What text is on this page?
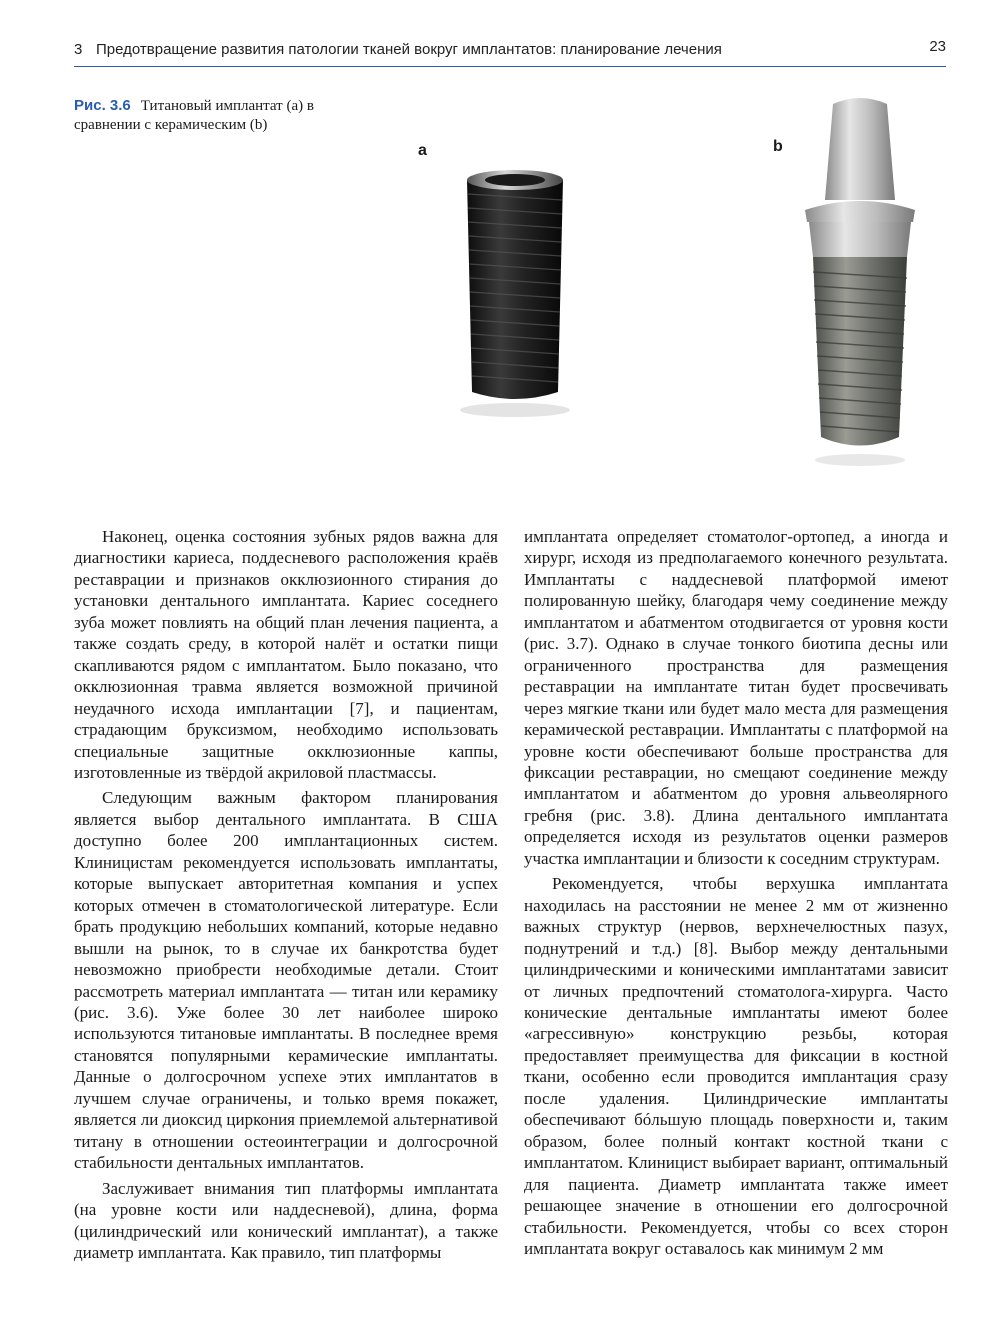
3 Предотвращение развития патологии тканей вокруг имплантатов: планирование лечения	23
Рис. 3.6 Титановый имплантат (а) в сравнении с керамическим (b)
a	b

Наконец, оценка состояния зубных рядов важна для диагностики кариеса, поддесневого расположения краёв реставрации и признаков окклюзионного стирания до установки дентального имплантата. Кариес соседнего зуба может повлиять на общий план лечения пациента, а также создать среду, в которой налёт и остатки пищи скапливаются рядом с имплантатом. Было показано, что окклюзионная травма является возможной причиной неудачного исхода имплантации [7], и пациентам, страдающим бруксизмом, необходимо использовать специальные защитные окклюзионные каппы, изготовленные из твёрдой акриловой пластмассы.

Следующим важным фактором планирования является выбор дентального имплантата. В США доступно более 200 имплантационных систем. Клиницистам рекомендуется использовать имплантаты, которые выпускает авторитетная компания и успех которых отмечен в стоматологической литературе. Если брать продукцию небольших компаний, которые недавно вышли на рынок, то в случае их банкротства будет невозможно приобрести необходимые детали. Стоит рассмотреть материал имплантата — титан или керамику (рис. 3.6). Уже более 30 лет наиболее широко используются титановые имплантаты. В последнее время становятся популярными керамические имплантаты. Данные о долгосрочном успехе этих имплантатов в лучшем случае ограничены, и только время покажет, является ли диоксид циркония приемлемой альтернативой титану в отношении остеоинтеграции и долгосрочной стабильности дентальных имплантатов.

Заслуживает внимания тип платформы имплантата (на уровне кости или наддесневой), длина, форма (цилиндрический или конический имплантат), а также диаметр имплантата. Как правило, тип платформы

имплантата определяет стоматолог-ортопед, а иногда и хирург, исходя из предполагаемого конечного результата. Имплантаты с наддесневой платформой имеют полированную шейку, благодаря чему соединение между имплантатом и абатментом отодвигается от уровня кости (рис. 3.7). Однако в случае тонкого биотипа десны или ограниченного пространства для размещения реставрации на имплантате титан будет просвечивать через мягкие ткани или будет мало места для размещения керамической реставрации. Имплантаты с платформой на уровне кости обеспечивают больше пространства для фиксации реставрации, но смещают соединение между имплантатом и абатментом до уровня альвеолярного гребня (рис. 3.8). Длина дентального имплантата определяется исходя из результатов оценки размеров участка имплантации и близости к соседним структурам.

Рекомендуется, чтобы верхушка имплантата находилась на расстоянии не менее 2 мм от жизненно важных структур (нервов, верхнечелюстных пазух, поднутрений и т.д.) [8]. Выбор между дентальными цилиндрическими и коническими имплантатами зависит от личных предпочтений стоматолога-хирурга. Часто конические дентальные имплантаты имеют более «агрессивную» конструкцию резьбы, которая предоставляет преимущества для фиксации в костной ткани, особенно если проводится имплантация сразу после удаления. Цилиндрические имплантаты обеспечивают бóльшую площадь поверхности и, таким образом, более полный контакт костной ткани с имплантатом. Клиницист выбирает вариант, оптимальный для пациента. Диаметр имплантата также имеет решающее значение в отношении его долгосрочной стабильности. Рекомендуется, чтобы со всех сторон имплантата вокруг оставалось как минимум 2 мм
